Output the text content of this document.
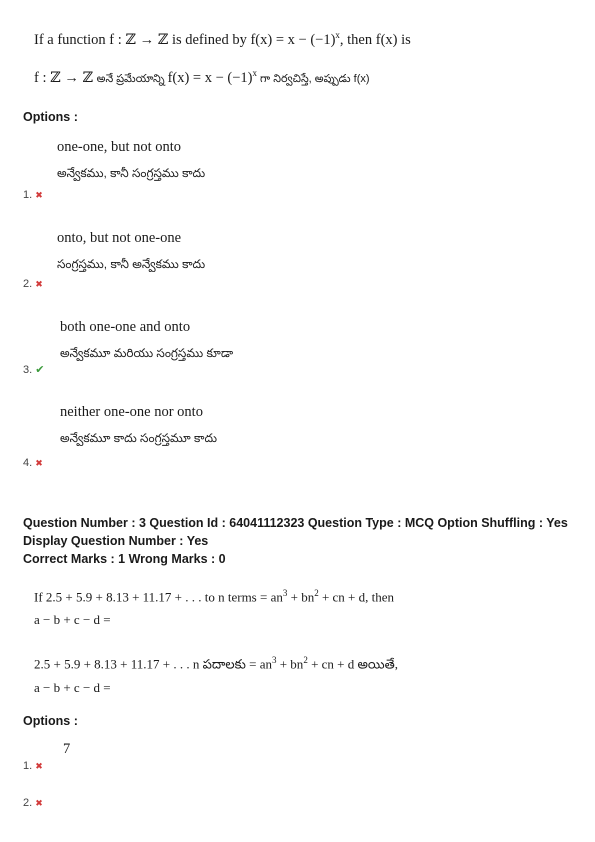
If a function f : ℤ → ℤ is defined by $f(x) = x - (-1)^x$, then f(x) is
f : ℤ → ℤ అనే ప్రమేయాన్ని $f(x) = x - (-1)^x$ గా నిర్వచిస్తే, అప్పుడు f(x)
Options :
one-one, but not onto
అన్వేకము, కానీ సంగ్రస్తము కాదు
1. ✖
onto, but not one-one
సంగ్రస్తము, కానీ అన్వేకము కాదు
2. ✖
both one-one and onto
అన్వేకమూ మరియు సంగ్రస్తము కూడా
3. ✔
neither one-one nor onto
అన్వేకమూ కాదు సంగ్రస్తమూ కాదు
4. ✖
Question Number : 3 Question Id : 64041112323 Question Type : MCQ Option Shuffling : Yes
Display Question Number : Yes
Correct Marks : 1 Wrong Marks : 0
If 2.5 + 5.9 + 8.13 + 11.17 + . . . to n terms = $an^3 + bn^2$ + cn + d, then
a − b + c − d =
2.5 + 5.9 + 8.13 + 11.17 + . . . n పదాలకు = $an^3 + bn^2$ + cn + d అయితే,
a − b + c − d =
Options :
7
1. ✖
2. ✖
